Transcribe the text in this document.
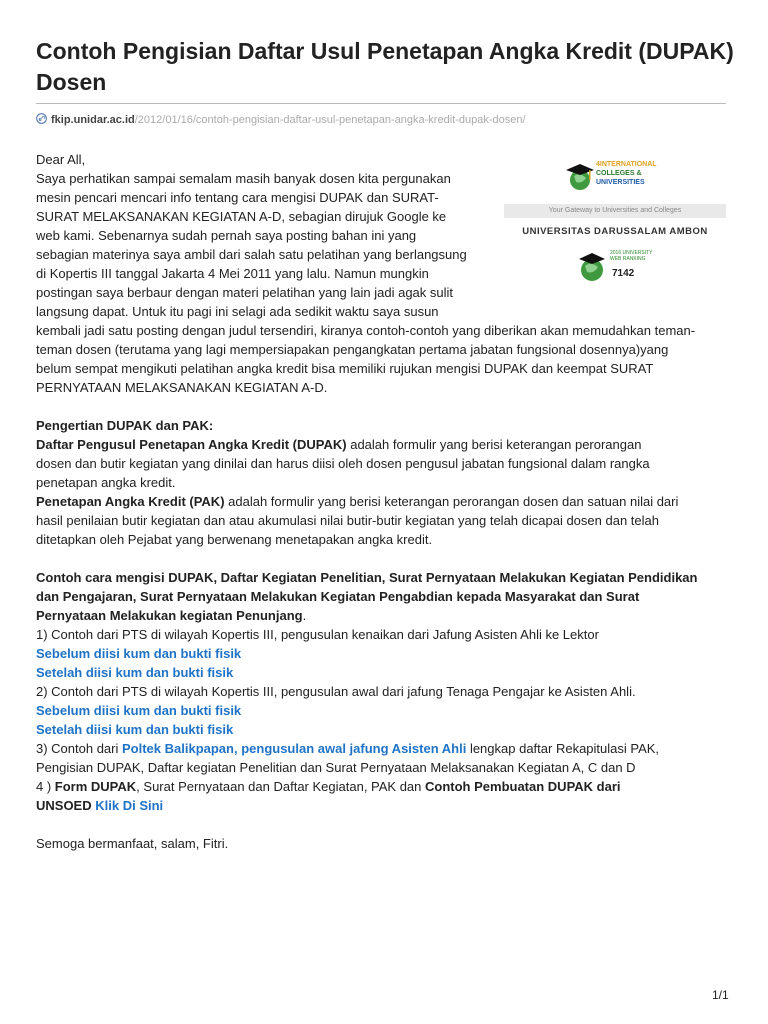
Contoh Pengisian Daftar Usul Penetapan Angka Kredit (DUPAK) Dosen
fkip.unidar.ac.id/2012/01/16/contoh-pengisian-daftar-usul-penetapan-angka-kredit-dupak-dosen/
4INTERNATIONAL
COLLEGES &
UNIVERSITIES
Your Gateway to Universities and Colleges
UNIVERSITAS DARUSSALAM AMBON
2016 UNIVERSITY
WEB RANKING
7142

Dear All,

Saya perhatikan sampai semalam masih banyak dosen kita pergunakan

mesin pencari mencari info tentang cara mengisi DUPAK dan SURAT-

SURAT MELAKSANAKAN KEGIATAN A-D, sebagian dirujuk Google ke

web kami. Sebenarnya sudah pernah saya posting bahan ini yang

sebagian materinya saya ambil dari salah satu pelatihan yang berlangsung

di Kopertis III tanggal Jakarta 4 Mei 2011 yang lalu. Namun mungkin

postingan saya berbaur dengan materi pelatihan yang lain jadi agak sulit

langsung dapat. Untuk itu pagi ini selagi ada sedikit waktu saya susun

kembali jadi satu posting dengan judul tersendiri, kiranya contoh-contoh yang diberikan akan memudahkan teman-

teman dosen (terutama yang lagi mempersiapakan pengangkatan pertama jabatan fungsional dosennya)yang

belum sempat mengikuti pelatihan angka kredit bisa memiliki rujukan mengisi DUPAK dan keempat SURAT

PERNYATAAN MELAKSANAKAN KEGIATAN A-D.

Pengertian DUPAK dan PAK:

Daftar Pengusul Penetapan Angka Kredit (DUPAK) adalah formulir yang berisi keterangan perorangan

dosen dan butir kegiatan yang dinilai dan harus diisi oleh dosen pengusul jabatan fungsional dalam rangka

penetapan angka kredit.

Penetapan Angka Kredit (PAK) adalah formulir yang berisi keterangan perorangan dosen dan satuan nilai dari

hasil penilaian butir kegiatan dan atau akumulasi nilai butir-butir kegiatan yang telah dicapai dosen dan telah

ditetapkan oleh Pejabat yang berwenang menetapakan angka kredit.

Contoh cara mengisi DUPAK, Daftar Kegiatan Penelitian, Surat Pernyataan Melakukan Kegiatan Pendidikan

dan Pengajaran, Surat Pernyataan Melakukan Kegiatan Pengabdian kepada Masyarakat dan Surat

Pernyataan Melakukan kegiatan Penunjang.

1) Contoh dari PTS di wilayah Kopertis III, pengusulan kenaikan dari Jafung Asisten Ahli ke Lektor

Sebelum diisi kum dan bukti fisik

Setelah diisi kum dan bukti fisik

2) Contoh dari PTS di wilayah Kopertis III, pengusulan awal dari jafung Tenaga Pengajar ke Asisten Ahli.

Sebelum diisi kum dan bukti fisik

Setelah diisi kum dan bukti fisik

3) Contoh dari Poltek Balikpapan, pengusulan awal jafung Asisten Ahli lengkap daftar Rekapitulasi PAK,

Pengisian DUPAK, Daftar kegiatan Penelitian dan Surat Pernyataan Melaksanakan Kegiatan A, C dan D

4 ) Form DUPAK, Surat Pernyataan dan Daftar Kegiatan, PAK dan Contoh Pembuatan DUPAK dari

UNSOED Klik Di Sini

Semoga bermanfaat, salam, Fitri.

1/1
